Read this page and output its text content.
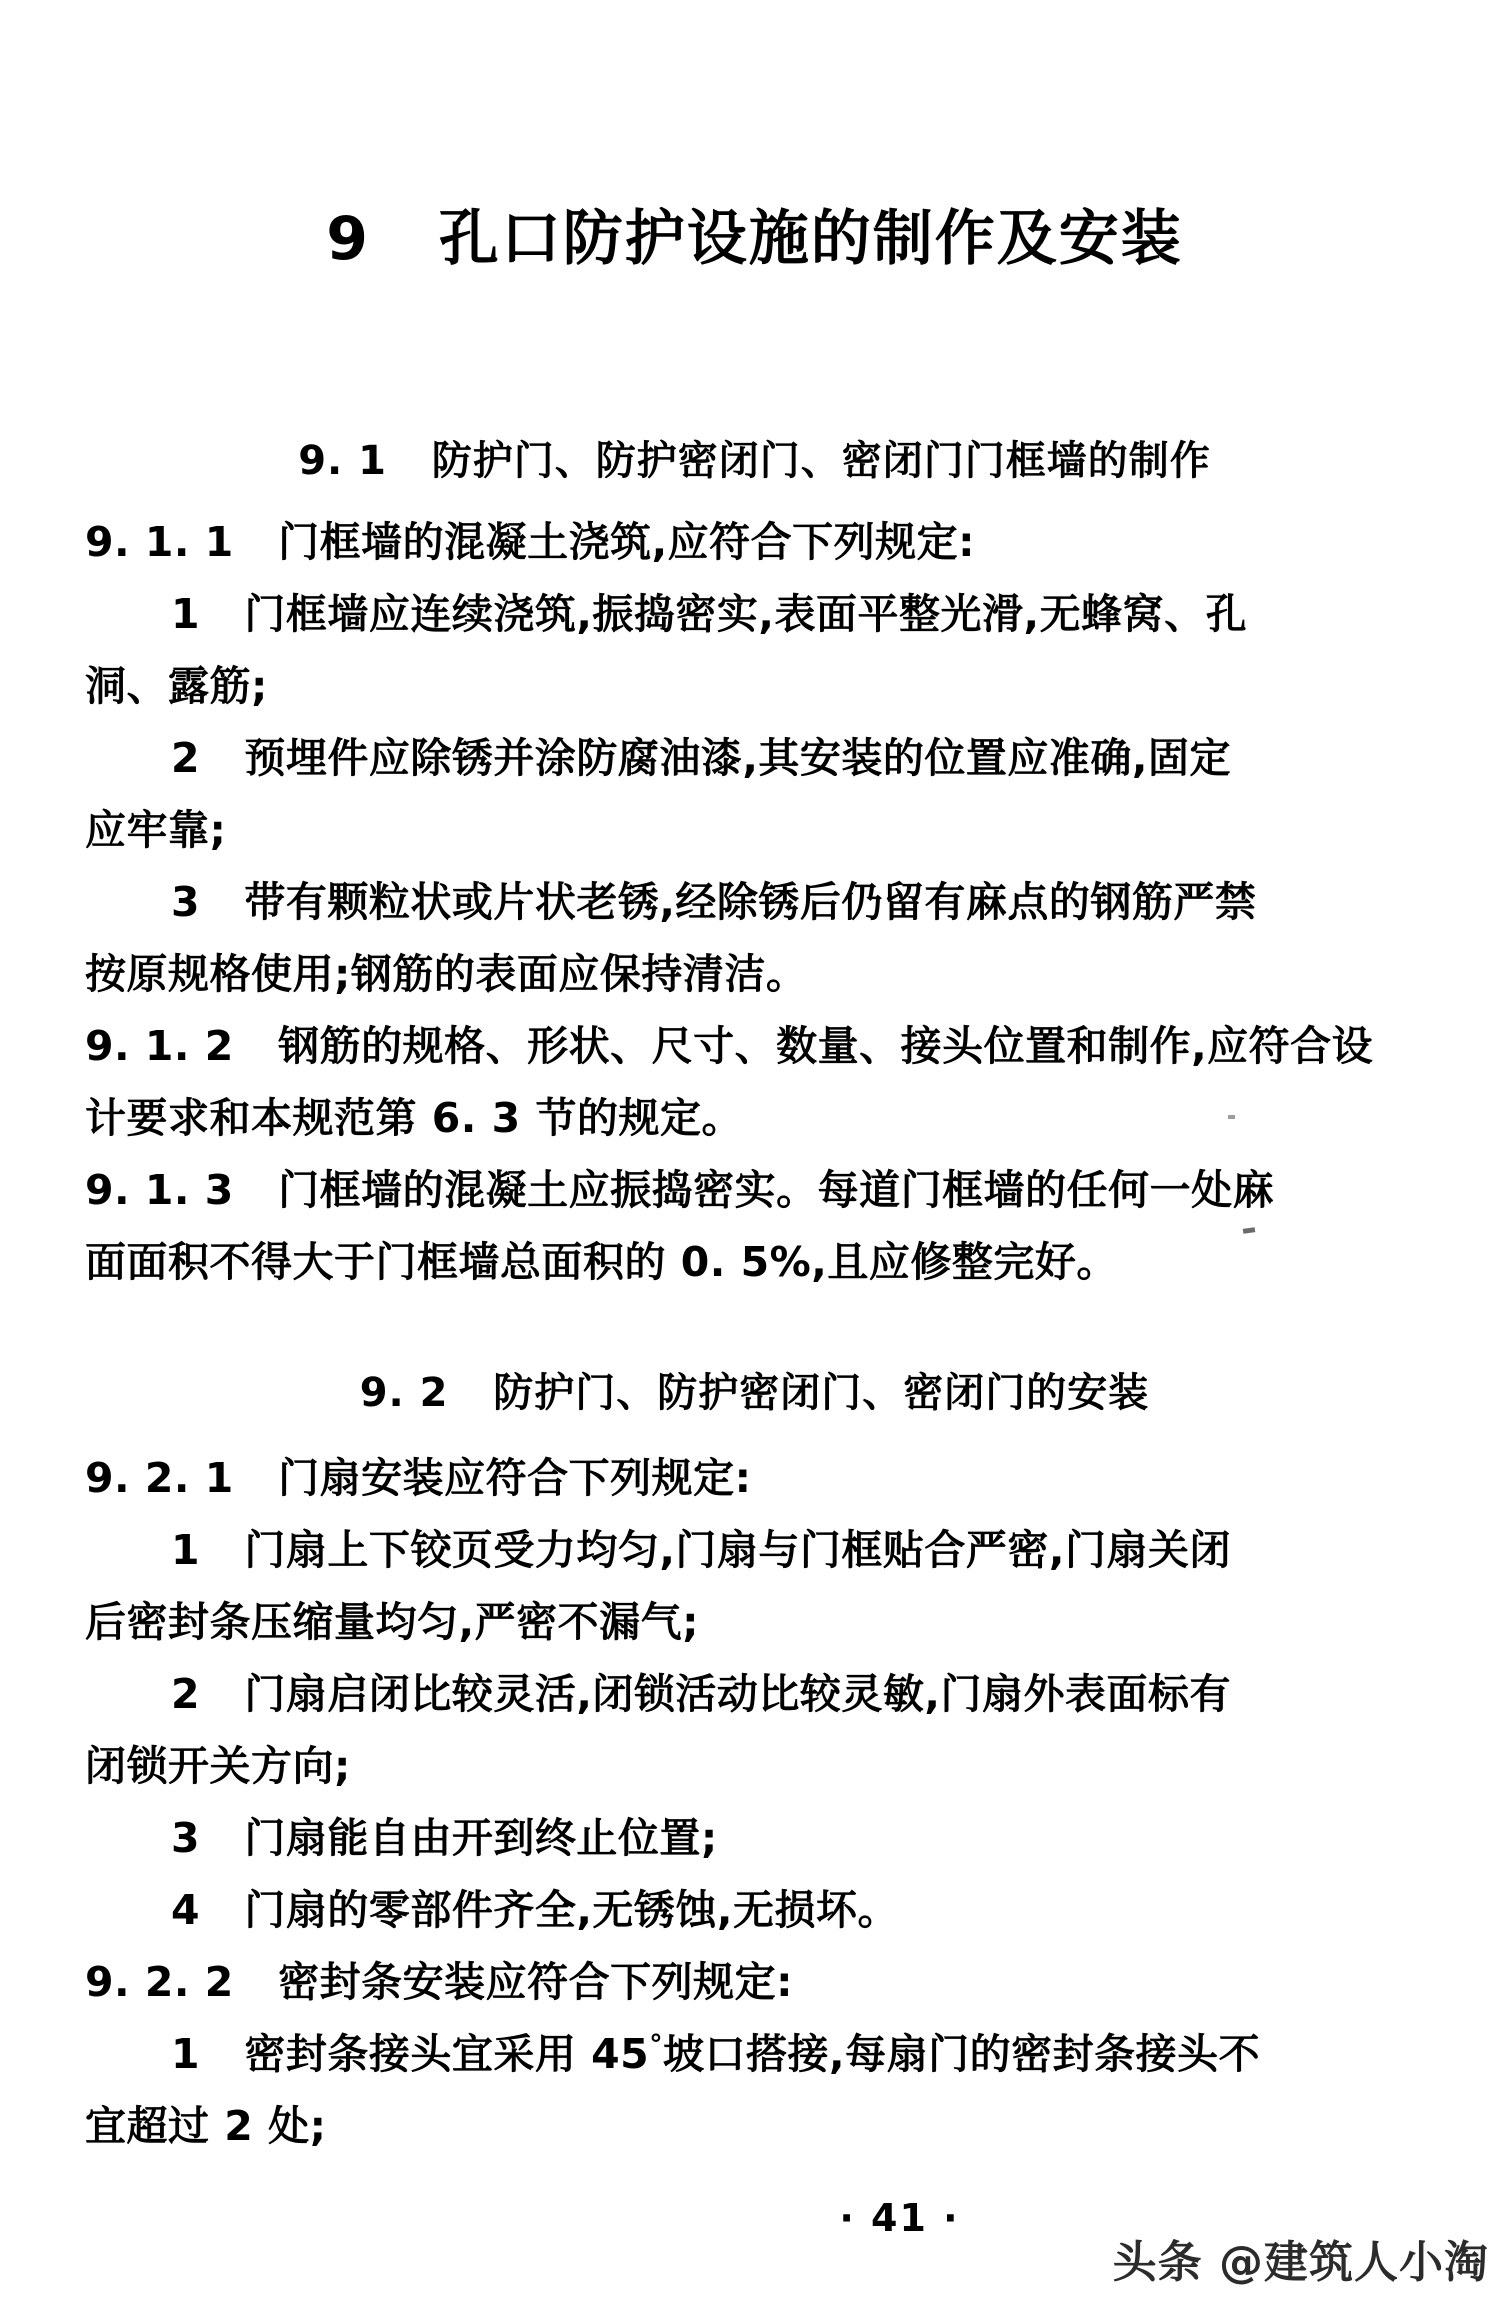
9   孔口防护设施的制作及安装
9. 1   防护门、防护密闭门、密闭门门框墙的制作
9. 1. 1   门框墙的混凝土浇筑,应符合下列规定:
1   门框墙应连续浇筑,振捣密实,表面平整光滑,无蜂窝、孔
洞、露筋;
2   预埋件应除锈并涂防腐油漆,其安装的位置应准确,固定
应牢靠;
3   带有颗粒状或片状老锈,经除锈后仍留有麻点的钢筋严禁
按原规格使用;钢筋的表面应保持清洁。
9. 1. 2   钢筋的规格、形状、尺寸、数量、接头位置和制作,应符合设
计要求和本规范第 6. 3 节的规定。
9. 1. 3   门框墙的混凝土应振捣密实。每道门框墙的任何一处麻
面面积不得大于门框墙总面积的 0. 5%,且应修整完好。
9. 2   防护门、防护密闭门、密闭门的安装
9. 2. 1   门扇安装应符合下列规定:
1   门扇上下铰页受力均匀,门扇与门框贴合严密,门扇关闭
后密封条压缩量均匀,严密不漏气;
2   门扇启闭比较灵活,闭锁活动比较灵敏,门扇外表面标有
闭锁开关方向;
3   门扇能自由开到终止位置;
4   门扇的零部件齐全,无锈蚀,无损坏。
9. 2. 2   密封条安装应符合下列规定:
1   密封条接头宜采用 45°坡口搭接,每扇门的密封条接头不
宜超过 2 处;
· 41 ·
头条 @建筑人小淘
